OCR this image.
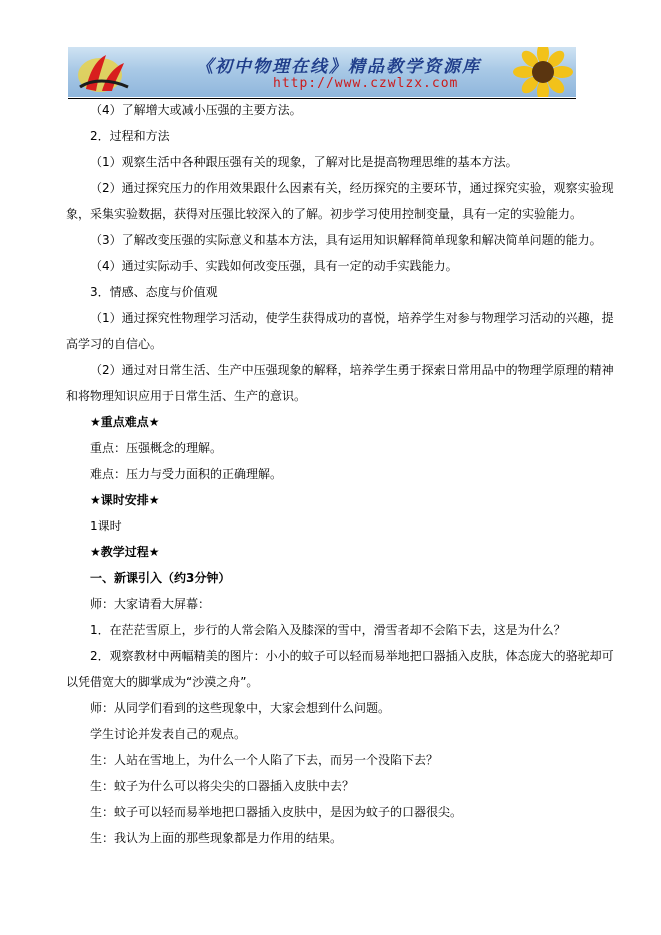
《初中物理在线》精品教学资源库
http://www.czwlzx.com
（4）了解增大或减小压强的主要方法。
2．过程和方法
（1）观察生活中各种跟压强有关的现象，了解对比是提高物理思维的基本方法。
（2）通过探究压力的作用效果跟什么因素有关，经历探究的主要环节，通过探究实验，观察实验现
象，采集实验数据，获得对压强比较深入的了解。初步学习使用控制变量，具有一定的实验能力。
（3）了解改变压强的实际意义和基本方法，具有运用知识解释简单现象和解决简单问题的能力。
（4）通过实际动手、实践如何改变压强，具有一定的动手实践能力。
3．情感、态度与价值观
（1）通过探究性物理学习活动，使学生获得成功的喜悦，培养学生对参与物理学习活动的兴趣，提
高学习的自信心。
（2）通过对日常生活、生产中压强现象的解释，培养学生勇于探索日常用品中的物理学原理的精神
和将物理知识应用于日常生活、生产的意识。
★重点难点★
重点：压强概念的理解。
难点：压力与受力面积的正确理解。
★课时安排★
1课时
★教学过程★
一、新课引入（约3分钟）
师：大家请看大屏幕：
1．在茫茫雪原上，步行的人常会陷入及膝深的雪中，滑雪者却不会陷下去，这是为什么？
2．观察教材中两幅精美的图片：小小的蚊子可以轻而易举地把口器插入皮肤，体态庞大的骆驼却可
以凭借宽大的脚掌成为“沙漠之舟”。
师：从同学们看到的这些现象中，大家会想到什么问题。
学生讨论并发表自己的观点。
生：人站在雪地上，为什么一个人陷了下去，而另一个没陷下去？
生：蚊子为什么可以将尖尖的口器插入皮肤中去？
生：蚊子可以轻而易举地把口器插入皮肤中，是因为蚊子的口器很尖。
生：我认为上面的那些现象都是力作用的结果。
